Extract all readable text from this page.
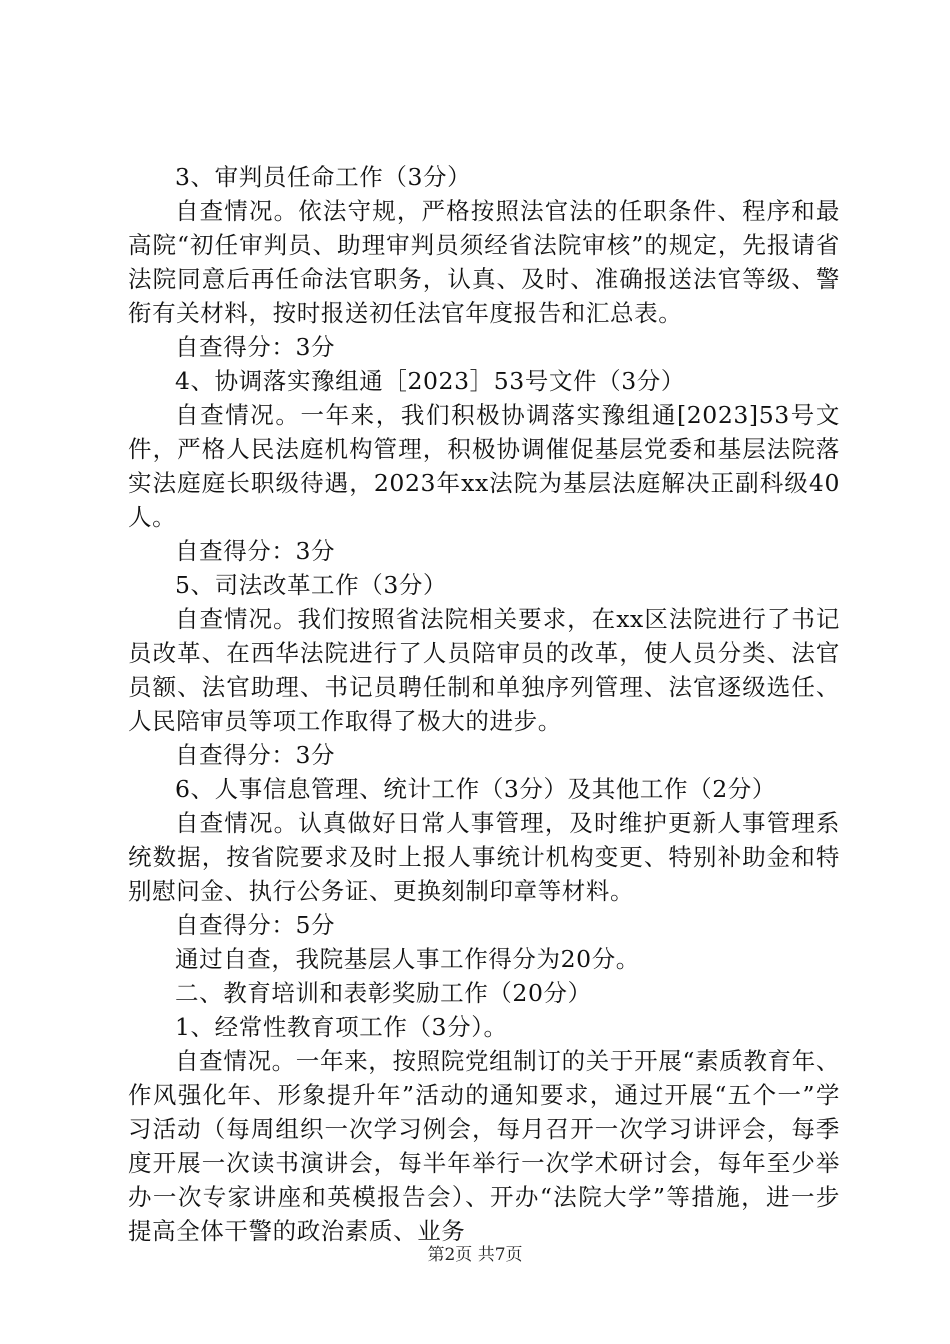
3、审判员任命工作（3分）

自查情况。依法守规，严格按照法官法的任职条件、程序和最高院“初任审判员、助理审判员须经省法院审核”的规定，先报请省法院同意后再任命法官职务，认真、及时、准确报送法官等级、警衔有关材料，按时报送初任法官年度报告和汇总表。

自查得分：3分

4、协调落实豫组通［2023］53号文件（3分）

自查情况。一年来，我们积极协调落实豫组通[2023]53号文件，严格人民法庭机构管理，积极协调催促基层党委和基层法院落实法庭庭长职级待遇，2023年xx法院为基层法庭解决正副科级40人。

自查得分：3分

5、司法改革工作（3分）

自查情况。我们按照省法院相关要求，在xx区法院进行了书记员改革、在西华法院进行了人员陪审员的改革，使人员分类、法官员额、法官助理、书记员聘任制和单独序列管理、法官逐级选任、人民陪审员等项工作取得了极大的进步。

自查得分：3分

6、人事信息管理、统计工作（3分）及其他工作（2分）

自查情况。认真做好日常人事管理，及时维护更新人事管理系统数据，按省院要求及时上报人事统计机构变更、特别补助金和特别慰问金、执行公务证、更换刻制印章等材料。

自查得分：5分

通过自查，我院基层人事工作得分为20分。

二、教育培训和表彰奖励工作（20分）

1、经常性教育项工作（3分）。

自查情况。一年来，按照院党组制订的关于开展“素质教育年、作风强化年、形象提升年”活动的通知要求，通过开展“五个一”学习活动（每周组织一次学习例会，每月召开一次学习讲评会，每季度开展一次读书演讲会，每半年举行一次学术研讨会，每年至少举办一次专家讲座和英模报告会）、开办“法院大学”等措施，进一步提高全体干警的政治素质、业务

第2页 共7页
